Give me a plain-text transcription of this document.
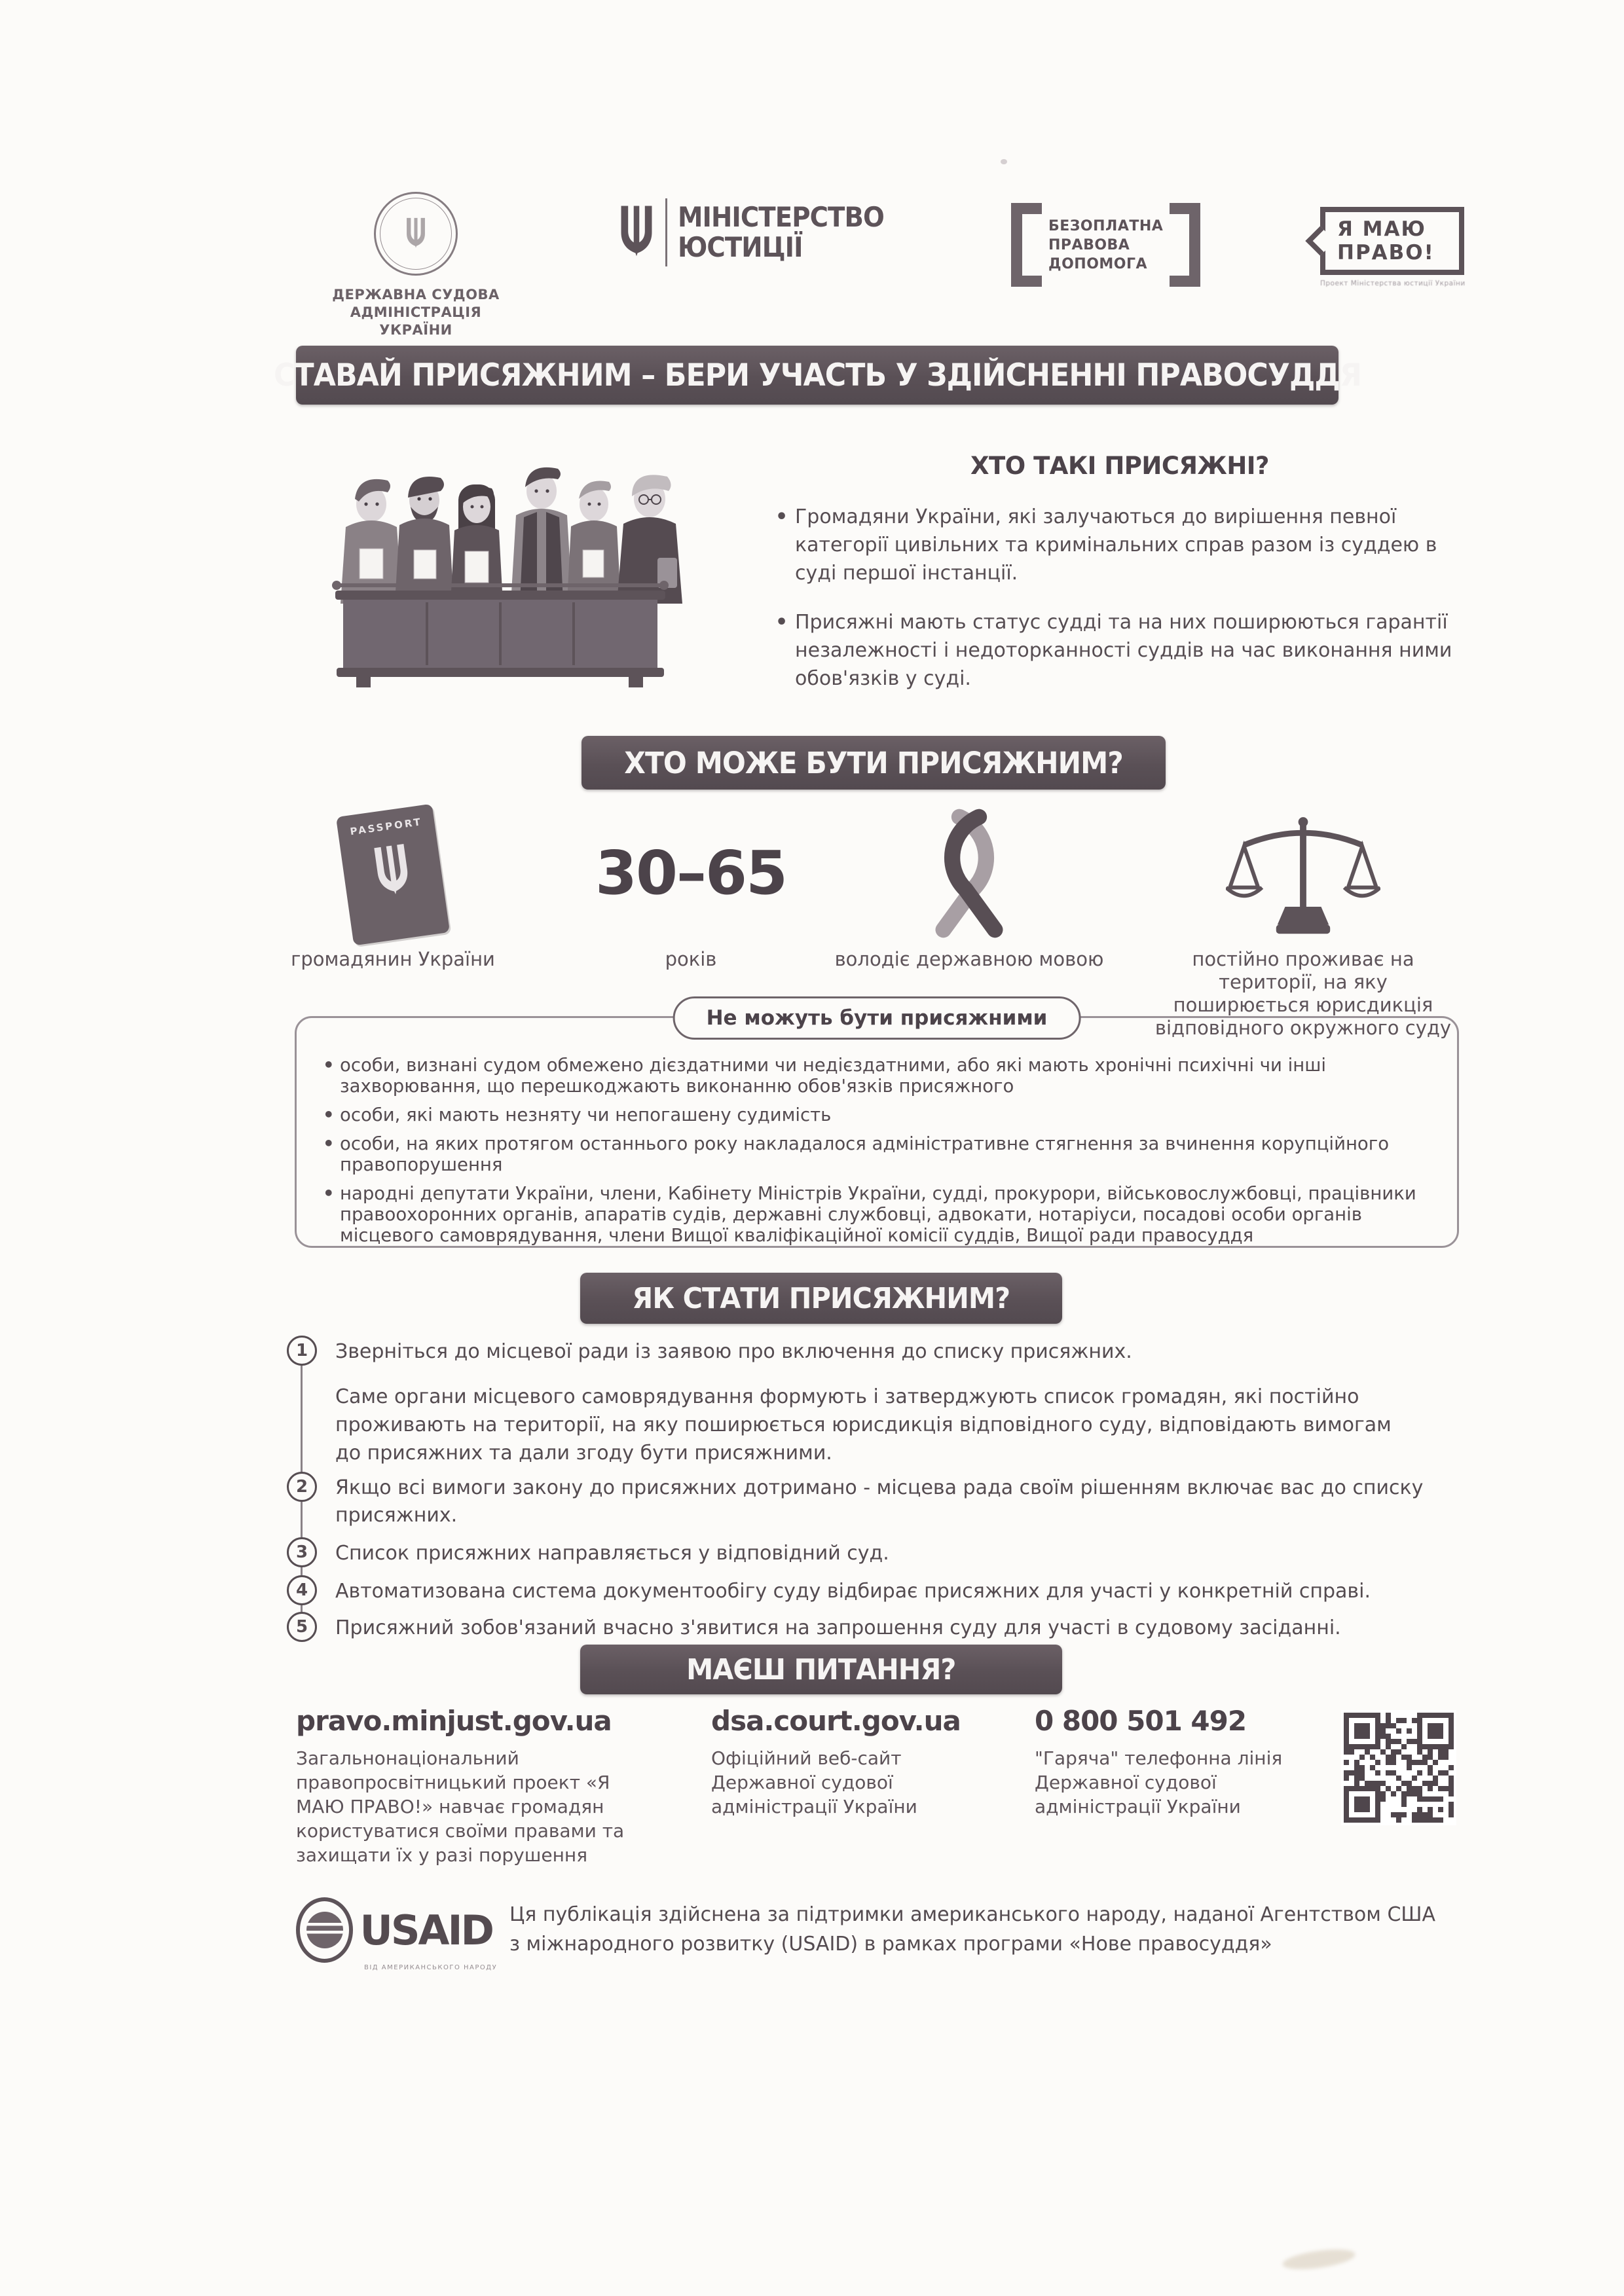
ДЕРЖАВНА СУДОВА
АДМІНІСТРАЦІЯ УКРАЇНИ
МІНІСТЕРСТВО
ЮСТИЦІЇ
БЕЗОПЛАТНА
ПРАВОВА
ДОПОМОГА
Я МАЮ
ПРАВО!
Проект Міністерства юстиції України
СТАВАЙ ПРИСЯЖНИМ – БЕРИ УЧАСТЬ У ЗДІЙСНЕННІ ПРАВОСУДДЯ
ХТО ТАКІ ПРИСЯЖНІ?
• Громадяни України, які залучаються до вирішення певної категорії цивільних та кримінальних справ разом із суддею в суді першої інстанції.
• Присяжні мають статус судді та на них поширюються гарантії незалежності і недоторканності суддів на час виконання ними обов'язків у суді.
ХТО МОЖЕ БУТИ ПРИСЯЖНИМ?
PASSPORT
громадянин України
30–65
років	володіє державною мовою	постійно проживає на території, на яку поширюється юрисдикція відповідного окружного суду
Не можуть бути присяжними
• особи, визнані судом обмежено дієздатними чи недієздатними, або які мають хронічні психічні чи інші захворювання, що перешкоджають виконанню обов'язків присяжного
• особи, які мають незняту чи непогашену судимість
• особи, на яких протягом останнього року накладалося адміністративне стягнення за вчинення корупційного правопорушення
• народні депутати України, члени, Кабінету Міністрів України, судді, прокурори, військовослужбовці, працівники правоохоронних органів, апаратів судів, державні службовці, адвокати, нотаріуси, посадові особи органів місцевого самоврядування, члени Вищої кваліфікаційної комісії суддів, Вищої ради правосуддя
ЯК СТАТИ ПРИСЯЖНИМ?
1 Зверніться до місцевої ради із заявою про включення до списку присяжних.
Саме органи місцевого самоврядування формують і затверджують список громадян, які постійно проживають на території, на яку поширюється юрисдикція відповідного суду, відповідають вимогам до присяжних та дали згоду бути присяжними.
2 Якщо всі вимоги закону до присяжних дотримано - місцева рада своїм рішенням включає вас до списку присяжних.
3 Список присяжних направляється у відповідний суд.
4 Автоматизована система документообігу суду відбирає присяжних для участі у конкретній справі.
5 Присяжний зобов'язаний вчасно з'явитися на запрошення суду для участі в судовому засіданні.
МАЄШ ПИТАННЯ?
pravo.minjust.gov.ua
Загальнонаціональний правопросвітницький проект «Я МАЮ ПРАВО!» навчає громадян користуватися своїми правами та захищати їх у разі порушення
dsa.court.gov.ua
Офіційний веб-сайт Державної судової адміністрації України
0 800 501 492
"Гаряча" телефонна лінія Державної судової адміністрації України
USAID
ВІД АМЕРИКАНСЬКОГО НАРОДУ
Ця публікація здійснена за підтримки американського народу, наданої Агентством США з міжнародного розвитку (USAID) в рамках програми «Нове правосуддя»
